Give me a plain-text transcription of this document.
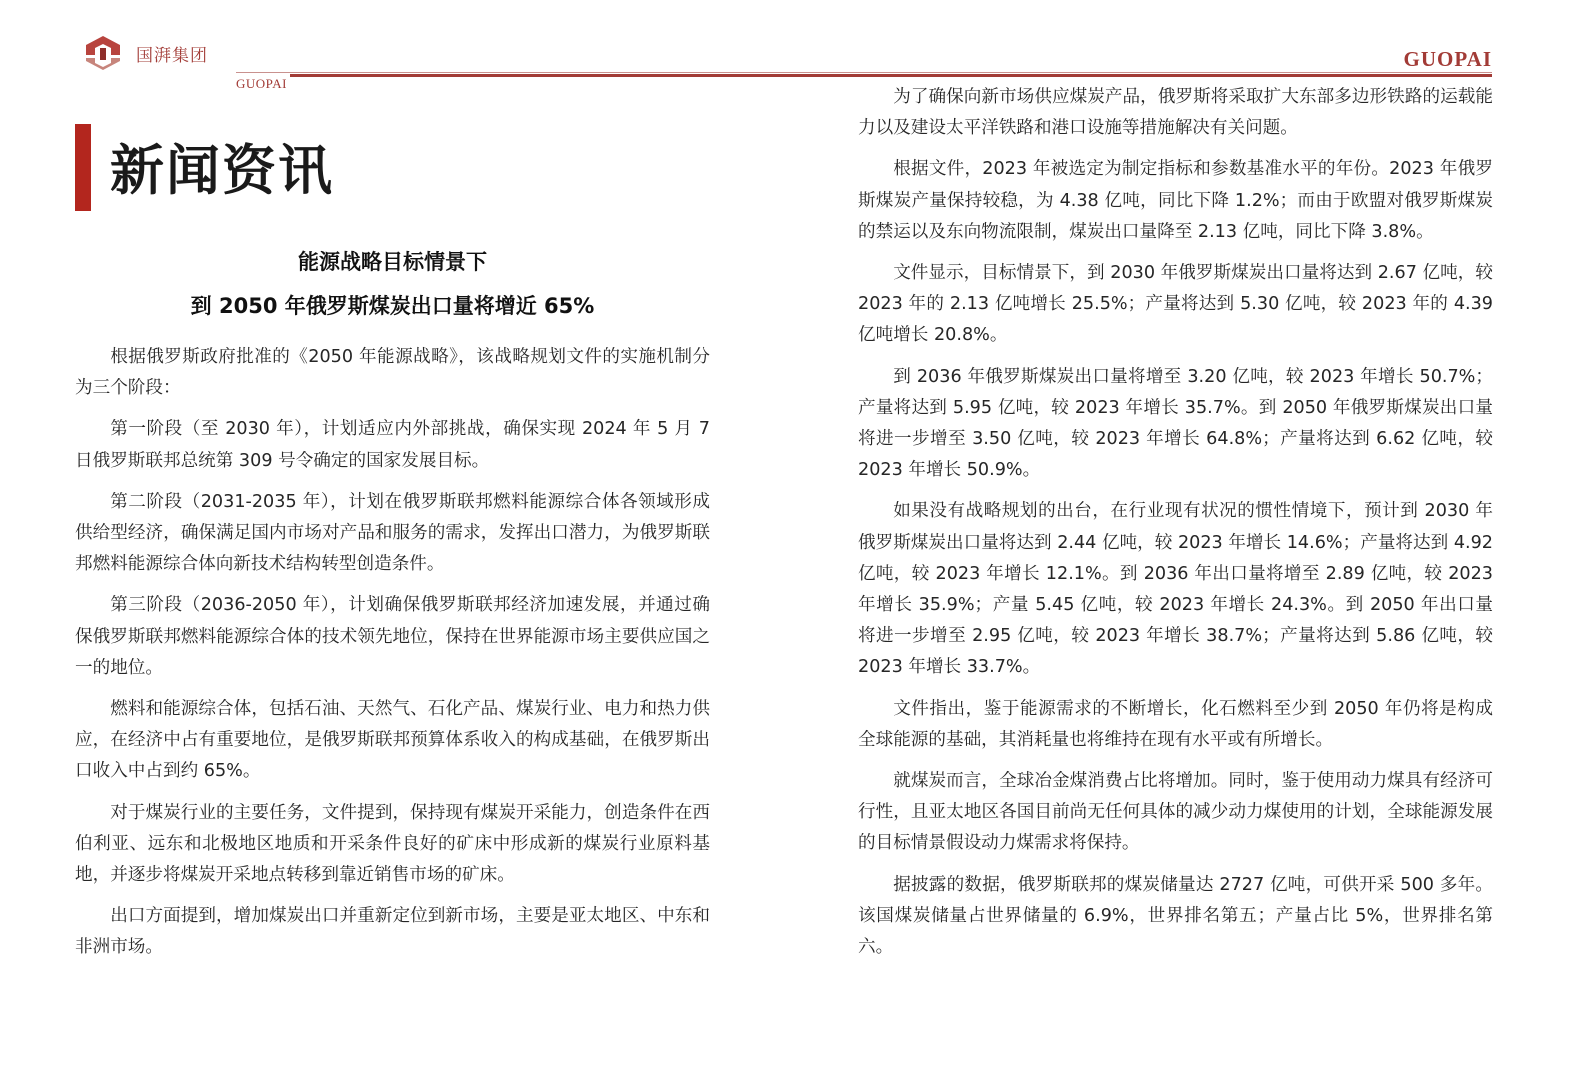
国湃集团
GUOPAI
GUOPAI
新闻资讯
能源战略目标情景下
到 2050 年俄罗斯煤炭出口量将增近 65%

根据俄罗斯政府批准的《2050 年能源战略》，该战略规划文件的实施机制分为三个阶段：

第一阶段（至 2030 年），计划适应内外部挑战，确保实现 2024 年 5 月 7 日俄罗斯联邦总统第 309 号令确定的国家发展目标。

第二阶段（2031-2035 年），计划在俄罗斯联邦燃料能源综合体各领域形成供给型经济，确保满足国内市场对产品和服务的需求，发挥出口潜力，为俄罗斯联邦燃料能源综合体向新技术结构转型创造条件。

第三阶段（2036-2050 年），计划确保俄罗斯联邦经济加速发展，并通过确保俄罗斯联邦燃料能源综合体的技术领先地位，保持在世界能源市场主要供应国之一的地位。

燃料和能源综合体，包括石油、天然气、石化产品、煤炭行业、电力和热力供应，在经济中占有重要地位，是俄罗斯联邦预算体系收入的构成基础，在俄罗斯出口收入中占到约 65%。

对于煤炭行业的主要任务，文件提到，保持现有煤炭开采能力，创造条件在西伯利亚、远东和北极地区地质和开采条件良好的矿床中形成新的煤炭行业原料基地，并逐步将煤炭开采地点转移到靠近销售市场的矿床。

出口方面提到，增加煤炭出口并重新定位到新市场，主要是亚太地区、中东和非洲市场。

为了确保向新市场供应煤炭产品，俄罗斯将采取扩大东部多边形铁路的运载能力以及建设太平洋铁路和港口设施等措施解决有关问题。

根据文件，2023 年被选定为制定指标和参数基准水平的年份。2023 年俄罗斯煤炭产量保持较稳，为 4.38 亿吨，同比下降 1.2%；而由于欧盟对俄罗斯煤炭的禁运以及东向物流限制，煤炭出口量降至 2.13 亿吨，同比下降 3.8%。

文件显示，目标情景下，到 2030 年俄罗斯煤炭出口量将达到 2.67 亿吨，较 2023 年的 2.13 亿吨增长 25.5%；产量将达到 5.30 亿吨，较 2023 年的 4.39 亿吨增长 20.8%。

到 2036 年俄罗斯煤炭出口量将增至 3.20 亿吨，较 2023 年增长 50.7%；产量将达到 5.95 亿吨，较 2023 年增长 35.7%。到 2050 年俄罗斯煤炭出口量将进一步增至 3.50 亿吨，较 2023 年增长 64.8%；产量将达到 6.62 亿吨，较 2023 年增长 50.9%。

如果没有战略规划的出台，在行业现有状况的惯性情境下，预计到 2030 年俄罗斯煤炭出口量将达到 2.44 亿吨，较 2023 年增长 14.6%；产量将达到 4.92 亿吨，较 2023 年增长 12.1%。到 2036 年出口量将增至 2.89 亿吨，较 2023 年增长 35.9%；产量 5.45 亿吨，较 2023 年增长 24.3%。到 2050 年出口量将进一步增至 2.95 亿吨，较 2023 年增长 38.7%；产量将达到 5.86 亿吨，较 2023 年增长 33.7%。

文件指出，鉴于能源需求的不断增长，化石燃料至少到 2050 年仍将是构成全球能源的基础，其消耗量也将维持在现有水平或有所增长。

就煤炭而言，全球冶金煤消费占比将增加。同时，鉴于使用动力煤具有经济可行性，且亚太地区各国目前尚无任何具体的减少动力煤使用的计划，全球能源发展的目标情景假设动力煤需求将保持。

据披露的数据，俄罗斯联邦的煤炭储量达 2727 亿吨，可供开采 500 多年。该国煤炭储量占世界储量的 6.9%，世界排名第五；产量占比 5%，世界排名第六。
